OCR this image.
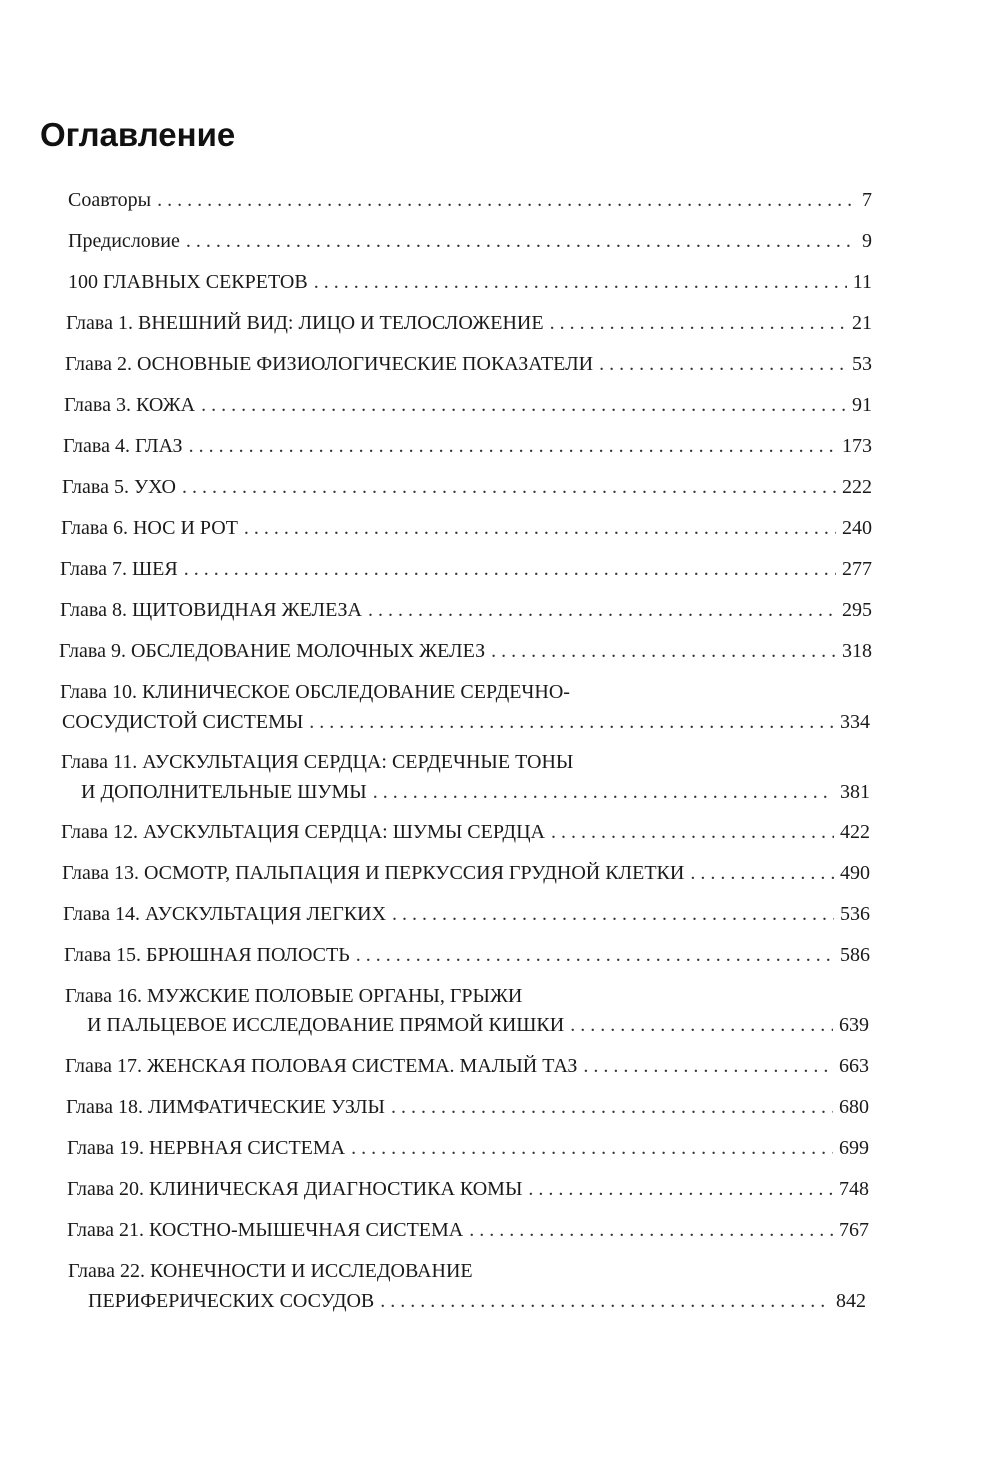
Оглавление
Соавторы . . .	7
Предисловие . . .	9
100 ГЛАВНЫХ СЕКРЕТОВ . . .	11
Глава 1. ВНЕШНИЙ ВИД: ЛИЦО И ТЕЛОСЛОЖЕНИЕ . . .	21
Глава 2. ОСНОВНЫЕ ФИЗИОЛОГИЧЕСКИЕ ПОКАЗАТЕЛИ . . .	53
Глава 3. КОЖА . . .	91
Глава 4. ГЛАЗ . . .	173
Глава 5. УХО . . .	222
Глава 6. НОС И РОТ . . .	240
Глава 7. ШЕЯ . . .	277
Глава 8. ЩИТОВИДНАЯ ЖЕЛЕЗА . . .	295
Глава 9. ОБСЛЕДОВАНИЕ МОЛОЧНЫХ ЖЕЛЕЗ . . .	318
Глава 10. КЛИНИЧЕСКОЕ ОБСЛЕДОВАНИЕ СЕРДЕЧНО-
СОСУДИСТОЙ СИСТЕМЫ . . .	334
Глава 11. АУСКУЛЬТАЦИЯ СЕРДЦА: СЕРДЕЧНЫЕ ТОНЫ
И ДОПОЛНИТЕЛЬНЫЕ ШУМЫ . . .	381
Глава 12. АУСКУЛЬТАЦИЯ СЕРДЦА: ШУМЫ СЕРДЦА . . .	422
Глава 13. ОСМОТР, ПАЛЬПАЦИЯ И ПЕРКУССИЯ ГРУДНОЙ КЛЕТКИ . . .	490
Глава 14. АУСКУЛЬТАЦИЯ ЛЕГКИХ . . .	536
Глава 15. БРЮШНАЯ ПОЛОСТЬ . . .	586
Глава 16. МУЖСКИЕ ПОЛОВЫЕ ОРГАНЫ, ГРЫЖИ
И ПАЛЬЦЕВОЕ ИССЛЕДОВАНИЕ ПРЯМОЙ КИШКИ . . .	639
Глава 17. ЖЕНСКАЯ ПОЛОВАЯ СИСТЕМА. МАЛЫЙ ТАЗ . . .	663
Глава 18. ЛИМФАТИЧЕСКИЕ УЗЛЫ . . .	680
Глава 19. НЕРВНАЯ СИСТЕМА . . .	699
Глава 20. КЛИНИЧЕСКАЯ ДИАГНОСТИКА КОМЫ . . .	748
Глава 21. КОСТНО-МЫШЕЧНАЯ СИСТЕМА . . .	767
Глава 22. КОНЕЧНОСТИ И ИССЛЕДОВАНИЕ
ПЕРИФЕРИЧЕСКИХ СОСУДОВ . . .	842
